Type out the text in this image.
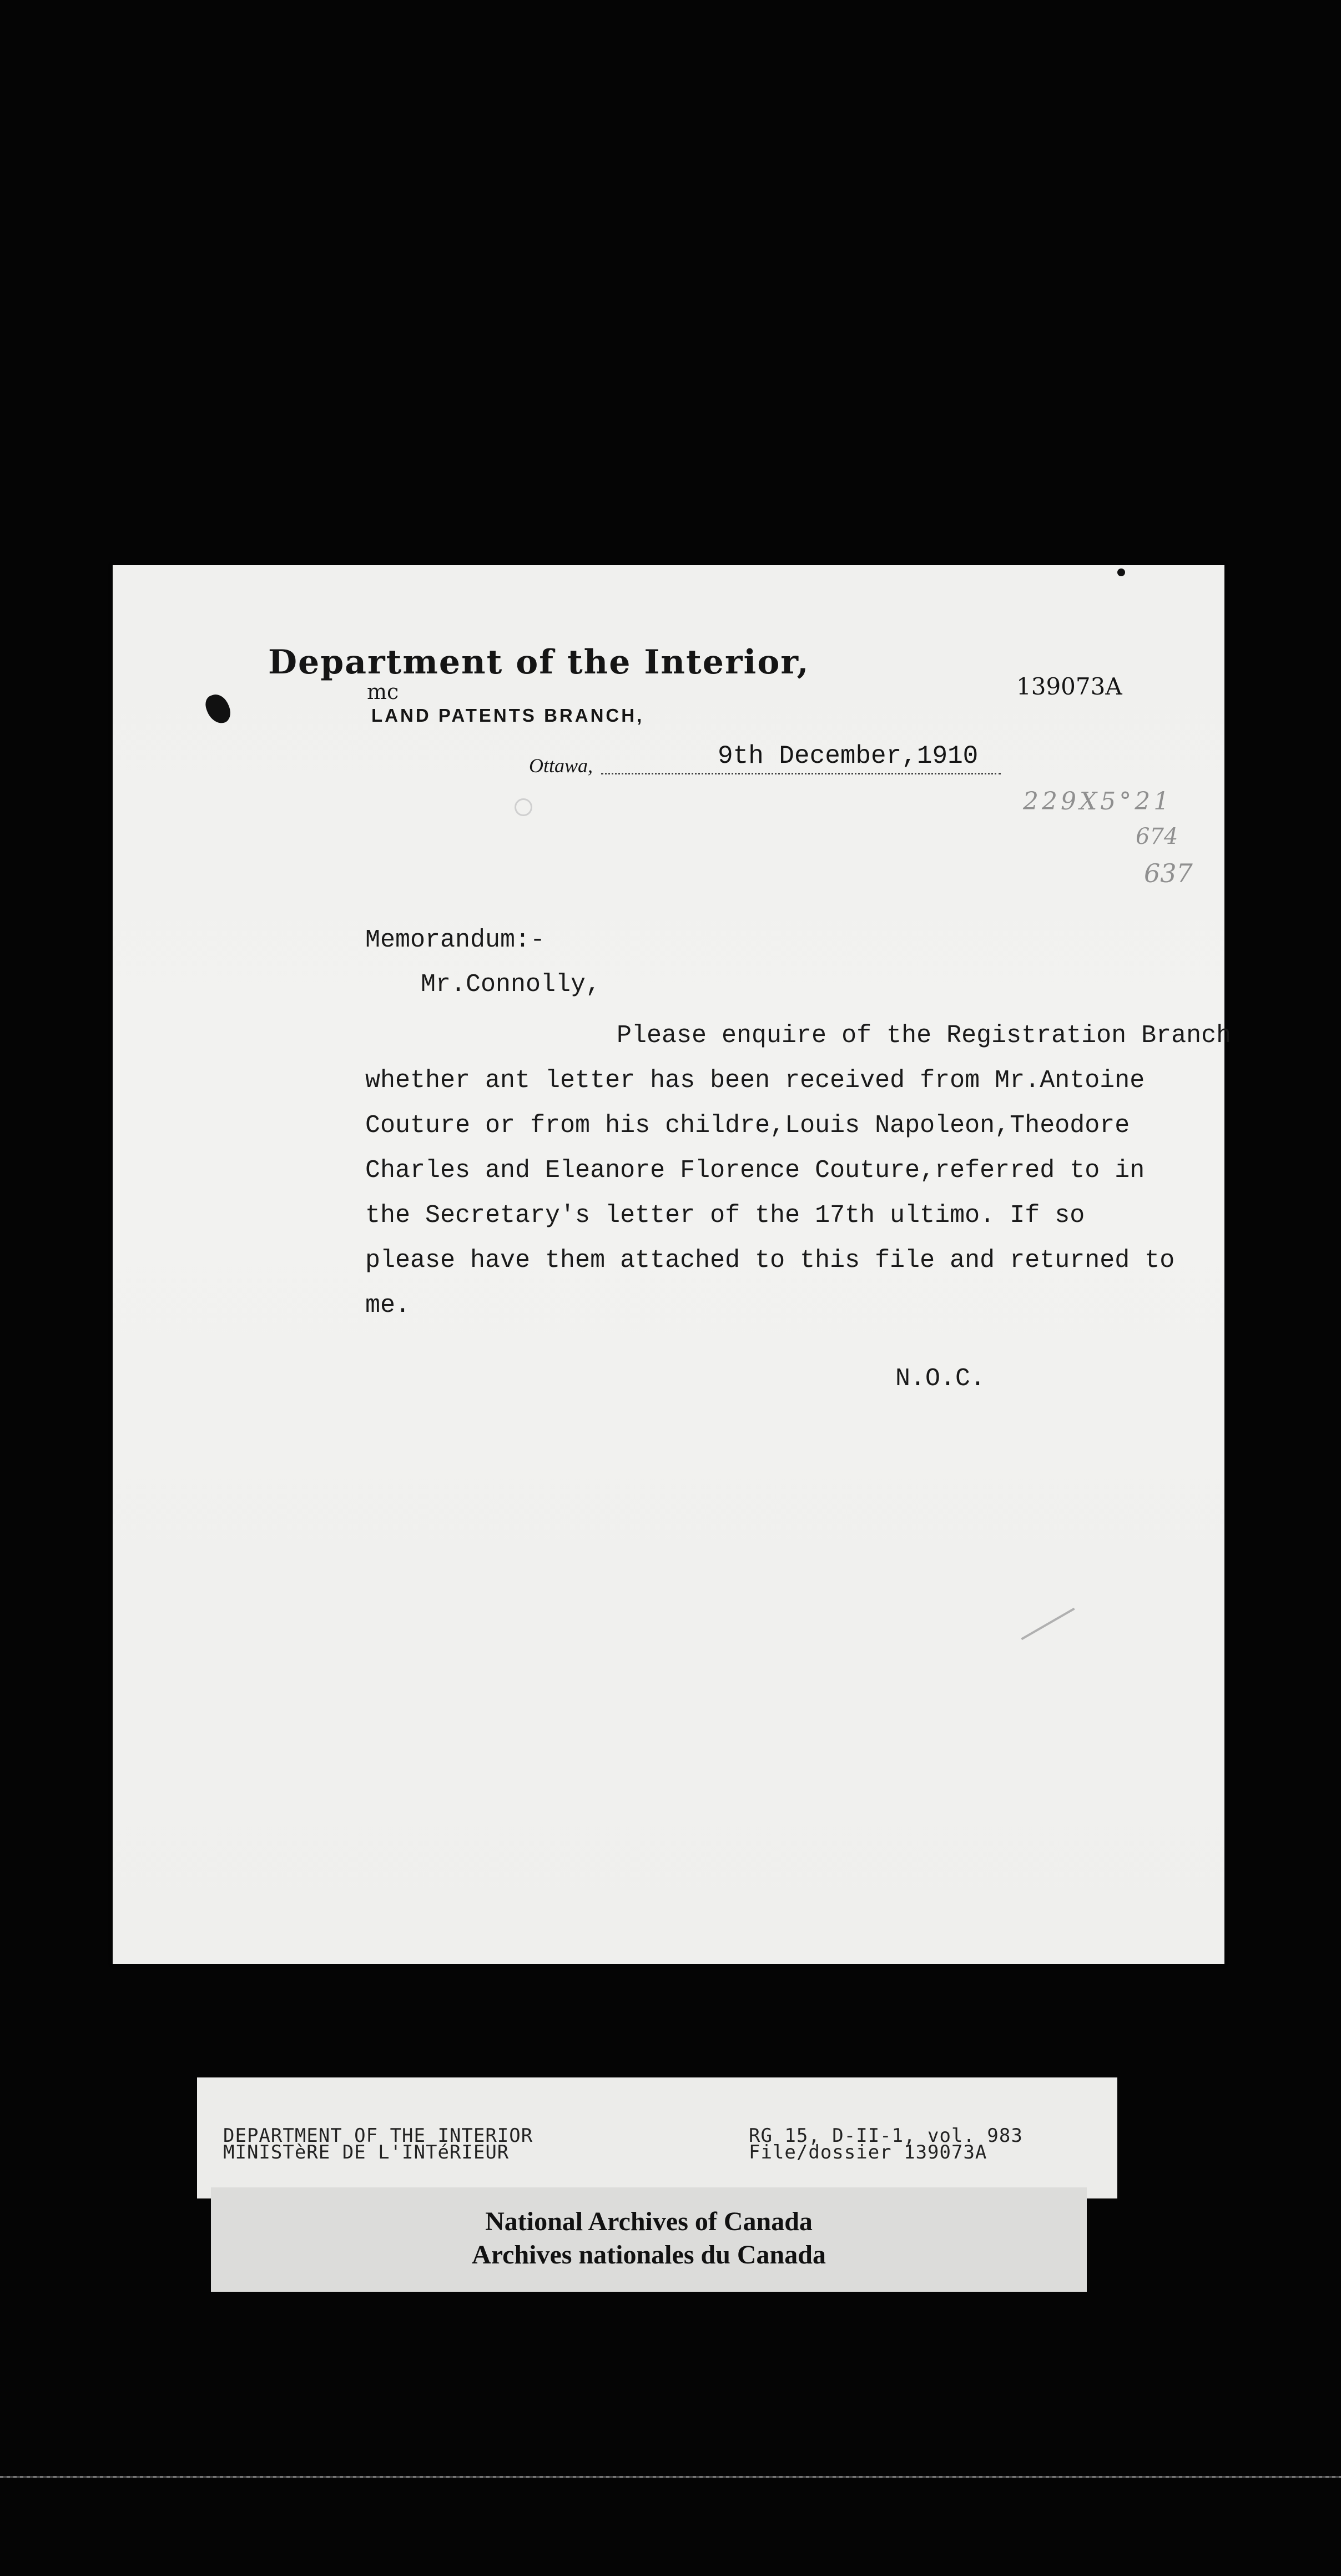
Department of the Interior,
mc
LAND PATENTS BRANCH,
139073A
Ottawa,	9th December,1910
229X5°21
674
637
Memorandum:-
Mr.Connolly,
Please enquire of the Registration Branch
whether ant letter has been received from Mr.Antoine
Couture or from his childre,Louis Napoleon,Theodore
Charles and Eleanore Florence Couture,referred to in
the Secretary's letter of the 17th ultimo. If so
please have them attached to this file and returned to
me.
N.O.C.
DEPARTMENT OF THE INTERIOR
MINISTèRE DE L'INTéRIEUR
RG 15, D-II-1, vol. 983
File/dossier 139073A
National Archives of Canada
Archives nationales du Canada
